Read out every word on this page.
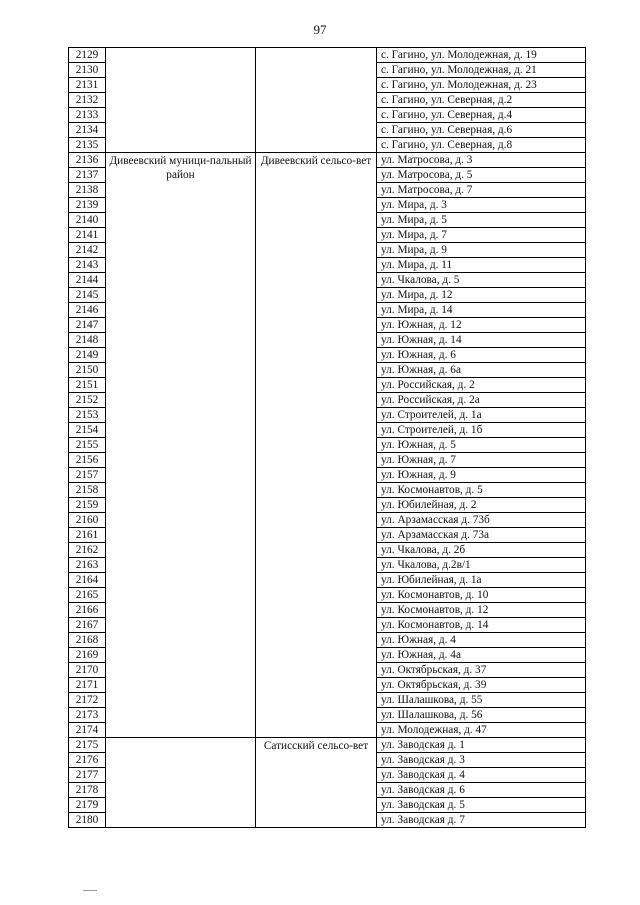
97
2129			с. Гагино, ул. Молодежная, д. 19
2130			с. Гагино, ул. Молодежная, д. 21
2131			с. Гагино, ул. Молодежная, д. 23
2132			с. Гагино, ул. Северная, д.2
2133			с. Гагино, ул. Северная, д.4
2134			с. Гагино, ул. Северная, д.6
2135			с. Гагино, ул. Северная, д.8
2136	Дивеевский муници-пальный район	Дивеевский сельсо-вет	ул. Матросова, д. 3
2137			ул. Матросова, д. 5
2138			ул. Матросова, д. 7
2139			ул. Мира, д. 3
2140			ул. Мира, д. 5
2141			ул. Мира, д. 7
2142			ул. Мира, д. 9
2143			ул. Мира, д. 11
2144			ул. Чкалова, д. 5
2145			ул. Мира, д. 12
2146			ул. Мира, д. 14
2147			ул. Южная, д. 12
2148			ул. Южная, д. 14
2149			ул. Южная, д. 6
2150			ул. Южная, д. 6а
2151			ул. Российская, д. 2
2152			ул. Российская, д. 2а
2153			ул. Строителей, д. 1а
2154			ул. Строителей, д. 1б
2155			ул. Южная, д. 5
2156			ул. Южная, д. 7
2157			ул. Южная, д. 9
2158			ул. Космонавтов, д. 5
2159			ул. Юбилейная, д. 2
2160			ул. Арзамасская д. 73б
2161			ул. Арзамасская д. 73а
2162			ул. Чкалова, д. 2б
2163			ул. Чкалова, д.2в/1
2164			ул. Юбилейная, д. 1а
2165			ул. Космонавтов, д. 10
2166			ул. Космонавтов, д. 12
2167			ул. Космонавтов, д. 14
2168			ул. Южная, д. 4
2169			ул. Южная, д. 4а
2170			ул. Октябрьская, д. 37
2171			ул. Октябрьская, д. 39
2172			ул. Шалашкова, д. 55
2173			ул. Шалашкова, д. 56
2174			ул. Молодежная, д. 47
2175		Сатисский сельсо-вет	ул. Заводская д. 1
2176			ул. Заводская д. 3
2177			ул. Заводская д. 4
2178			ул. Заводская д. 6
2179			ул. Заводская д. 5
2180			ул. Заводская д. 7
